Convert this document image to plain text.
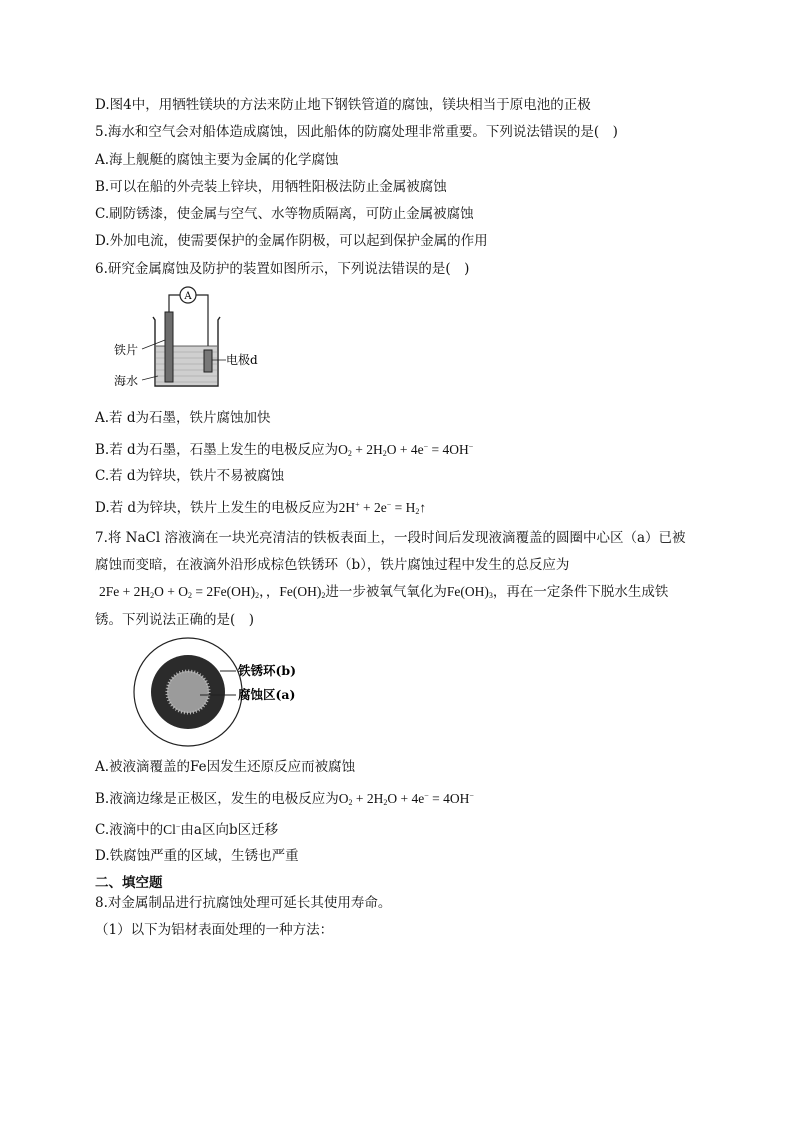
D.图4中，用牺牲镁块的方法来防止地下钢铁管道的腐蚀，镁块相当于原电池的正极
5.海水和空气会对船体造成腐蚀，因此船体的防腐处理非常重要。下列说法错误的是(　)
A.海上舰艇的腐蚀主要为金属的化学腐蚀
B.可以在船的外壳装上锌块，用牺牲阳极法防止金属被腐蚀
C.刷防锈漆，使金属与空气、水等物质隔离，可防止金属被腐蚀
D.外加电流，使需要保护的金属作阴极，可以起到保护金属的作用
6.研究金属腐蚀及防护的装置如图所示，下列说法错误的是(　)
A
铁片
海水
电极d
A.若 d为石墨，铁片腐蚀加快
B.若 d为石墨，石墨上发生的电极反应为$O_2 + 2H_2O + 4e^- = 4OH^-$
C.若 d为锌块，铁片不易被腐蚀
D.若 d为锌块，铁片上发生的电极反应为$2H^+ + 2e^- = H_2↑$
7.将 NaCl 溶液滴在一块光亮清洁的铁板表面上，一段时间后发现液滴覆盖的圆圈中心区（a）已被
腐蚀而变暗，在液滴外沿形成棕色铁锈环（b），铁片腐蚀过程中发生的总反应为
$2Fe + 2H_2O + O_2 = 2Fe(OH)_2$，，$Fe(OH)_2$进一步被氧气氧化为$Fe(OH)_3$，再在一定条件下脱水生成铁
锈。下列说法正确的是(　)
铁锈环(b)
腐蚀区(a)
A.被液滴覆盖的Fe因发生还原反应而被腐蚀
B.液滴边缘是正极区，发生的电极反应为$O_2 + 2H_2O + 4e^- = 4OH^-$
C.液滴中的Cl−由a区向b区迁移
D.铁腐蚀严重的区域，生锈也严重
二、填空题
8.对金属制品进行抗腐蚀处理可延长其使用寿命。
（1）以下为铝材表面处理的一种方法：
